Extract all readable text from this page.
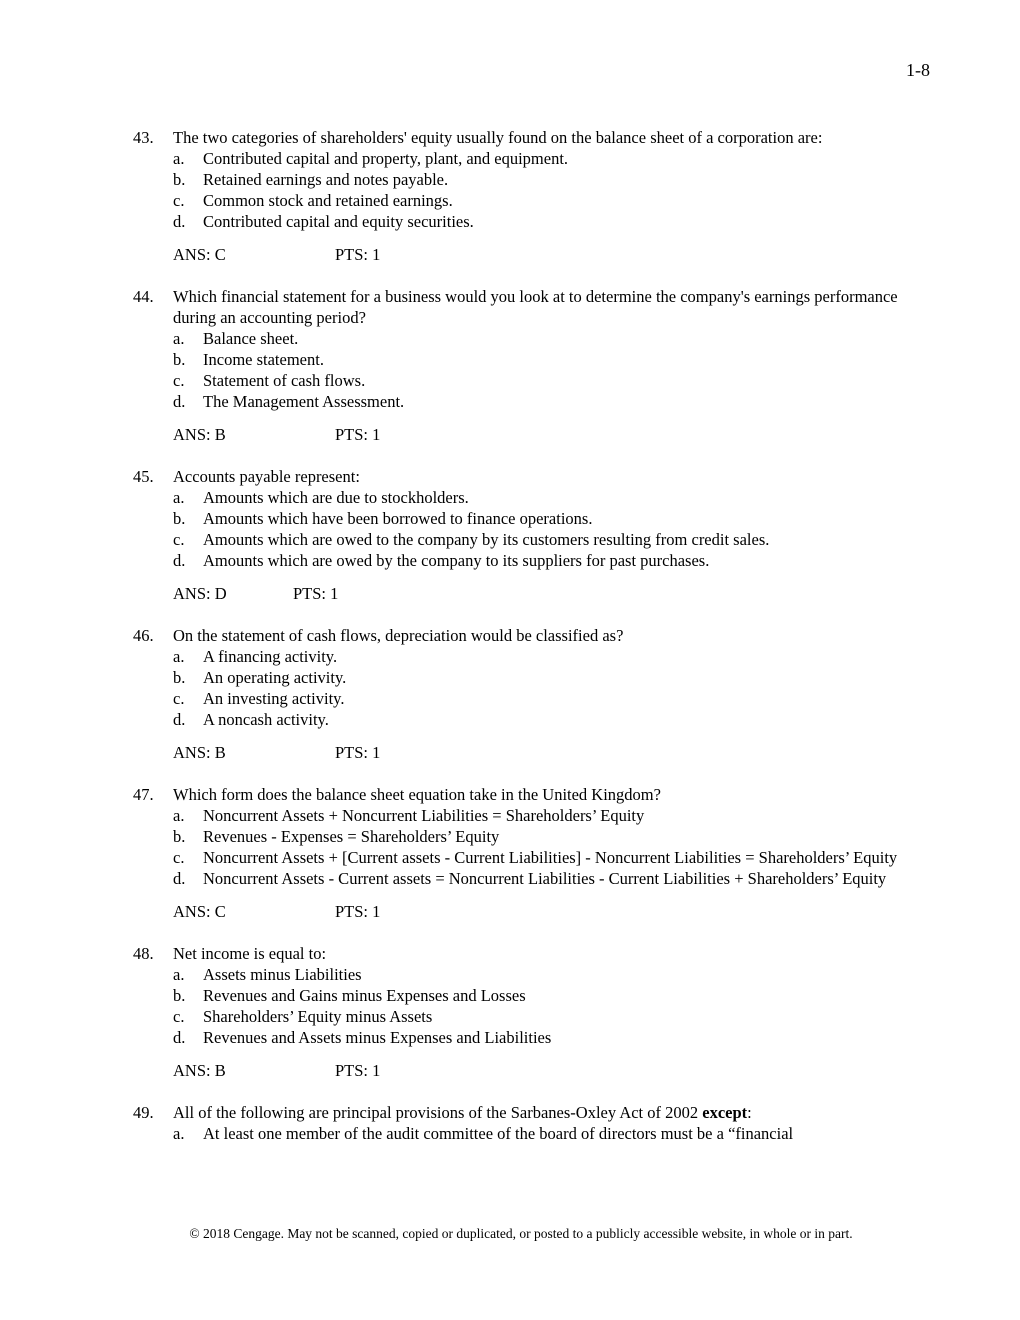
1-8
43.	The two categories of shareholders' equity usually found on the balance sheet of a corporation are:
a.	Contributed capital and property, plant, and equipment.
b.	Retained earnings and notes payable.
c.	Common stock and retained earnings.
d.	Contributed capital and equity securities.
ANS: C	PTS: 1
44.	Which financial statement for a business would you look at to determine the company's earnings performance during an accounting period?
a.	Balance sheet.
b.	Income statement.
c.	Statement of cash flows.
d.	The Management Assessment.
ANS: B	PTS: 1
45.	Accounts payable represent:
a.	Amounts which are due to stockholders.
b.	Amounts which have been borrowed to finance operations.
c.	Amounts which are owed to the company by its customers resulting from credit sales.
d.	Amounts which are owed by the company to its suppliers for past purchases.
ANS: D	PTS: 1
46.	On the statement of cash flows, depreciation would be classified as?
a.	A financing activity.
b.	An operating activity.
c.	An investing activity.
d.	A noncash activity.
ANS: B	PTS: 1
47.	Which form does the balance sheet equation take in the United Kingdom?
a.	Noncurrent Assets + Noncurrent Liabilities = Shareholders’ Equity
b.	Revenues - Expenses = Shareholders’ Equity
c.	Noncurrent Assets + [Current assets - Current Liabilities] - Noncurrent Liabilities = Shareholders’ Equity
d.	Noncurrent Assets - Current assets = Noncurrent Liabilities - Current Liabilities + Shareholders’ Equity
ANS: C	PTS: 1
48.	Net income is equal to:
a.	Assets minus Liabilities
b.	Revenues and Gains minus Expenses and Losses
c.	Shareholders’ Equity minus Assets
d.	Revenues and Assets minus Expenses and Liabilities
ANS: B	PTS: 1
49.	All of the following are principal provisions of the Sarbanes-Oxley Act of 2002 except:
a.	At least one member of the audit committee of the board of directors must be a “financial
© 2018 Cengage. May not be scanned, copied or duplicated, or posted to a publicly accessible website, in whole or in part.
